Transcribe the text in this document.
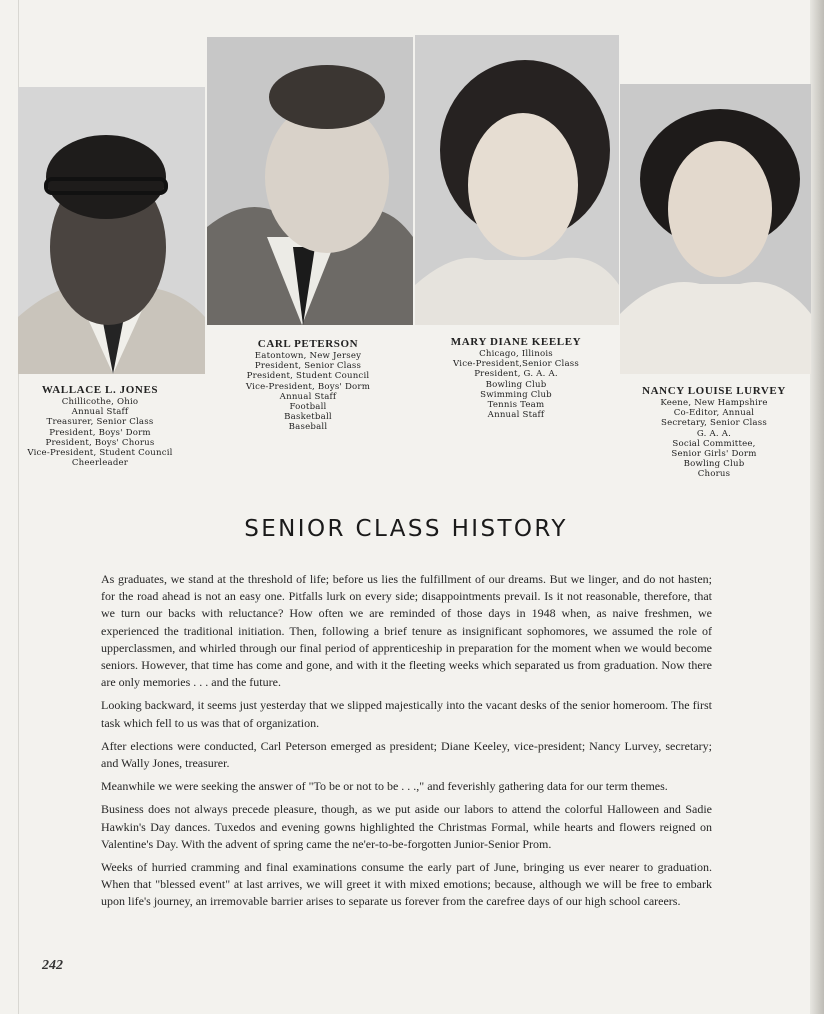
WALLACE L. JONES
Chillicothe, Ohio
Annual Staff
Treasurer, Senior Class
President, Boys' Dorm
President, Boys' Chorus
Vice-President, Student Council
Cheerleader
CARL PETERSON
Eatontown, New Jersey
President, Senior Class
President, Student Council
Vice-President, Boys' Dorm
Annual Staff
Football
Basketball
Baseball
MARY DIANE KEELEY
Chicago, Illinois
Vice-President,Senior Class
President, G. A. A.
Bowling Club
Swimming Club
Tennis Team
Annual Staff
NANCY LOUISE LURVEY
Keene, New Hampshire
Co-Editor, Annual
Secretary, Senior Class
G. A. A.
Social Committee,
Senior Girls' Dorm
Bowling Club
Chorus
SENIOR CLASS HISTORY

As graduates, we stand at the threshold of life; before us lies the fulfillment of our dreams. But we linger, and do not hasten; for the road ahead is not an easy one. Pitfalls lurk on every side; disappointments prevail. Is it not reasonable, therefore, that we turn our backs with reluctance? How often we are reminded of those days in 1948 when, as naive freshmen, we experienced the traditional initiation. Then, following a brief tenure as insignificant sophomores, we assumed the role of upperclassmen, and whirled through our final period of apprenticeship in preparation for the moment when we would become seniors. However, that time has come and gone, and with it the fleeting weeks which separated us from graduation. Now there are only memories . . . and the future.

Looking backward, it seems just yesterday that we slipped majestically into the vacant desks of the senior homeroom. The first task which fell to us was that of organization.

After elections were conducted, Carl Peterson emerged as president; Diane Keeley, vice-president; Nancy Lurvey, secretary; and Wally Jones, treasurer.

Meanwhile we were seeking the answer of "To be or not to be . . .," and feverishly gathering data for our term themes.

Business does not always precede pleasure, though, as we put aside our labors to attend the colorful Halloween and Sadie Hawkin's Day dances. Tuxedos and evening gowns highlighted the Christmas Formal, while hearts and flowers reigned on Valentine's Day. With the advent of spring came the ne'er-to-be-forgotten Junior-Senior Prom.

Weeks of hurried cramming and final examinations consume the early part of June, bringing us ever nearer to graduation. When that "blessed event" at last arrives, we will greet it with mixed emotions; because, although we will be free to embark upon life's journey, an irremovable barrier arises to separate us forever from the carefree days of our high school careers.

242
